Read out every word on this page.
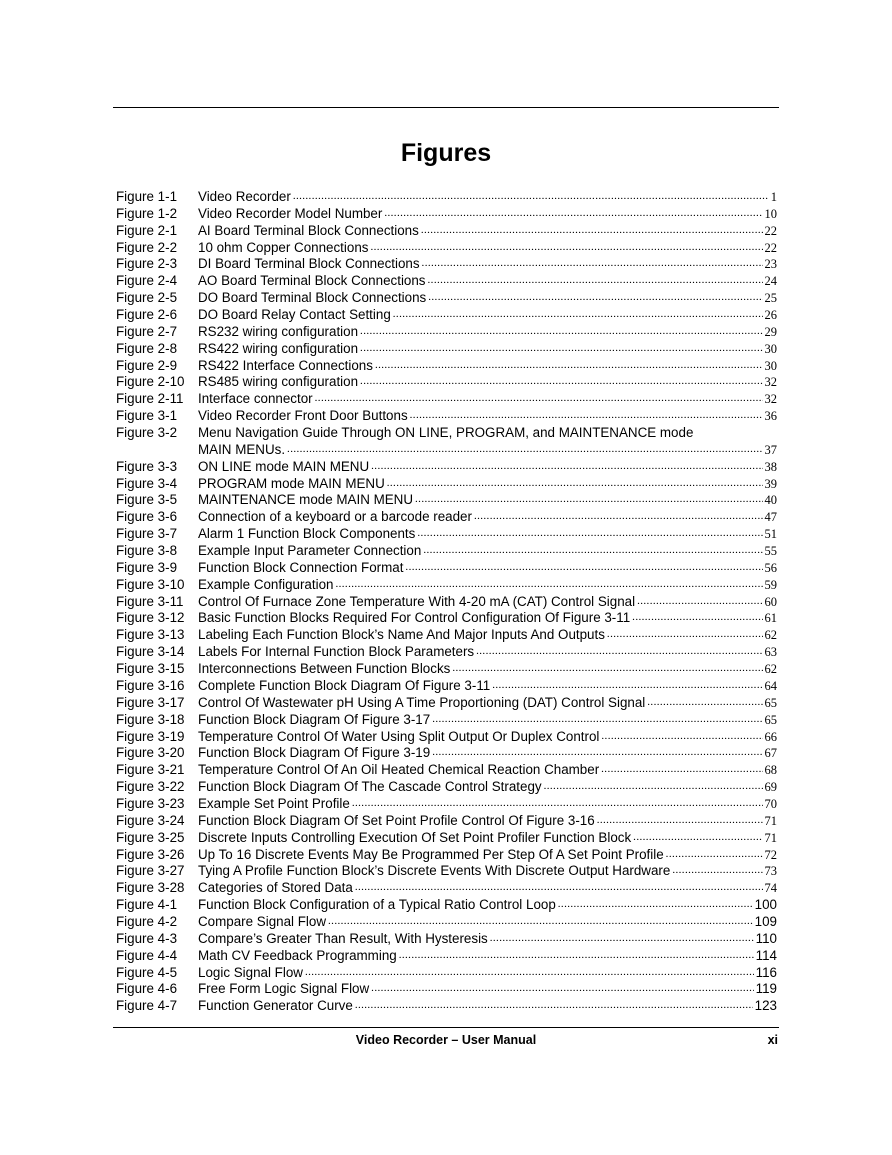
Figures
Figure 1-1	Video Recorder .....	1
Figure 1-2	Video Recorder Model Number .....	10
Figure 2-1	AI Board Terminal Block Connections .....	22
Figure 2-2	10 ohm Copper Connections .....	22
Figure 2-3	DI Board Terminal Block Connections .....	23
Figure 2-4	AO Board Terminal Block Connections .....	24
Figure 2-5	DO Board Terminal Block Connections .....	25
Figure 2-6	DO Board Relay Contact Setting .....	26
Figure 2-7	RS232 wiring configuration .....	29
Figure 2-8	RS422 wiring configuration .....	30
Figure 2-9	RS422 Interface Connections .....	30
Figure 2-10	RS485 wiring configuration .....	32
Figure 2-11	Interface connector .....	32
Figure 3-1	Video Recorder Front Door Buttons .....	36
Figure 3-2	Menu Navigation Guide Through ON LINE, PROGRAM, and MAINTENANCE mode
MAIN MENUs. .....	37
Figure 3-3	ON LINE mode MAIN MENU .....	38
Figure 3-4	PROGRAM mode MAIN MENU .....	39
Figure 3-5	MAINTENANCE mode MAIN MENU .....	40
Figure 3-6	Connection of a keyboard or a barcode reader .....	47
Figure 3-7	Alarm 1 Function Block Components .....	51
Figure 3-8	Example Input Parameter Connection .....	55
Figure 3-9	Function Block Connection Format .....	56
Figure 3-10	Example Configuration .....	59
Figure 3-11	Control Of Furnace Zone Temperature With 4-20 mA (CAT) Control Signal .....	60
Figure 3-12	Basic Function Blocks Required For Control Configuration Of Figure 3-11 .....	61
Figure 3-13	Labeling Each Function Block’s Name And Major Inputs And Outputs .....	62
Figure 3-14	Labels For Internal Function Block Parameters .....	63
Figure 3-15	Interconnections Between Function Blocks .....	62
Figure 3-16	Complete Function Block Diagram Of Figure 3-11 .....	64
Figure 3-17	Control Of Wastewater pH Using A Time Proportioning (DAT) Control Signal .....	65
Figure 3-18	Function Block Diagram Of Figure 3-17 .....	65
Figure 3-19	Temperature Control Of Water Using Split Output Or Duplex Control .....	66
Figure 3-20	Function Block Diagram Of Figure 3-19 .....	67
Figure 3-21	Temperature Control Of An Oil Heated Chemical Reaction Chamber .....	68
Figure 3-22	Function Block Diagram Of The Cascade Control Strategy .....	69
Figure 3-23	Example Set Point Profile .....	70
Figure 3-24	Function Block Diagram Of Set Point Profile Control Of Figure 3-16 .....	71
Figure 3-25	Discrete Inputs Controlling Execution Of Set Point Profiler Function Block .....	71
Figure 3-26	Up To 16 Discrete Events May Be Programmed Per Step Of A Set Point Profile .....	72
Figure 3-27	Tying A Profile Function Block’s Discrete Events With Discrete Output Hardware .....	73
Figure 3-28	Categories of Stored Data .....	74
Figure 4-1	Function Block Configuration of a Typical Ratio Control Loop .....	100
Figure 4-2	Compare Signal Flow .....	109
Figure 4-3	Compare’s Greater Than Result, With Hysteresis .....	110
Figure 4-4	Math CV Feedback Programming .....	114
Figure 4-5	Logic Signal Flow .....	116
Figure 4-6	Free Form Logic Signal Flow .....	119
Figure 4-7	Function Generator Curve .....	123
Video Recorder – User Manual	xi
